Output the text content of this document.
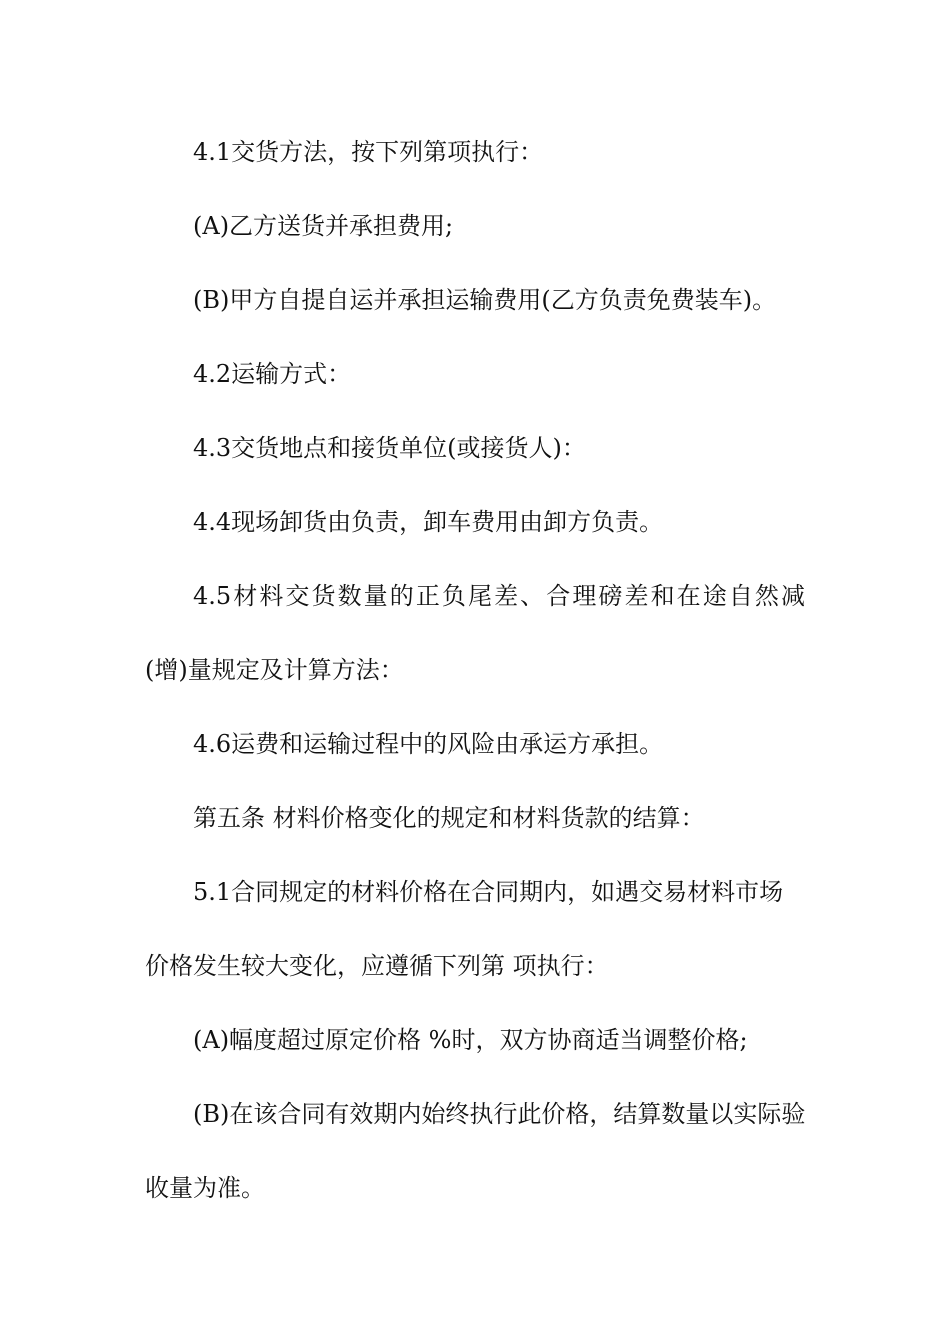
4.1交货方法，按下列第项执行：
(A)乙方送货并承担费用;
(B)甲方自提自运并承担运输费用(乙方负责免费装车)。
4.2运输方式：
4.3交货地点和接货单位(或接货人)：
4.4现场卸货由负责，卸车费用由卸方负责。
4.5材料交货数量的正负尾差、合理磅差和在途自然减
(增)量规定及计算方法：
4.6运费和运输过程中的风险由承运方承担。
第五条 材料价格变化的规定和材料货款的结算：
5.1合同规定的材料价格在合同期内，如遇交易材料市场
价格发生较大变化，应遵循下列第 项执行：
(A)幅度超过原定价格 %时，双方协商适当调整价格;
(B)在该合同有效期内始终执行此价格，结算数量以实际验
收量为准。
